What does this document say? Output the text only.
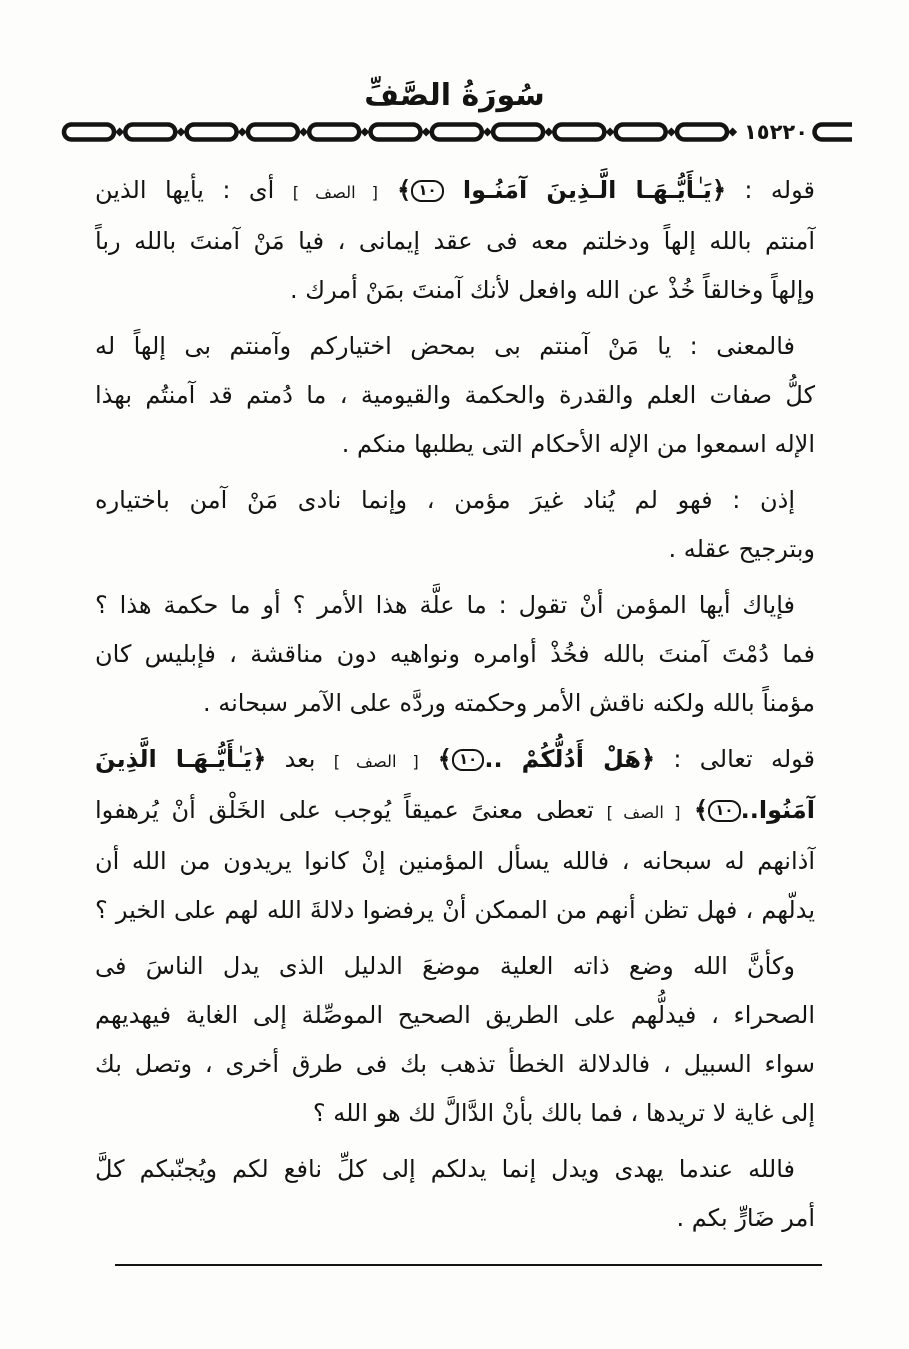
سُورَةُ الصَّفِّ
١٥٢٢٠
قوله : ﴿يَـٰأَيُّـهَـا الَّـذِينَ آمَنُـوا ١٠﴾ [ الصف ] أى : يأيها الذين
آمنتم بالله إلهاً ودخلتم معه فى عقد إيمانى ، فيا مَنْ آمنتَ بالله رباً
وإلهاً وخالقاً خُذْ عن الله وافعل لأنك آمنتَ بمَنْ أمرك .
فالمعنى : يا مَنْ آمنتم بى بمحض اختياركم وآمنتم بى إلهاً له
كلُّ صفات العلم والقدرة والحكمة والقيومية ، ما دُمتم قد آمنتُم بهذا
الإله اسمعوا من الإله الأحكام التى يطلبها منكم .
إذن : فهو لم يُناد غيرَ مؤمن ، وإنما نادى مَنْ آمن باختياره
وبترجيح عقله .
فإياك أيها المؤمن أنْ تقول : ما علَّة هذا الأمر ؟ أو ما حكمة هذا ؟
فما دُمْتَ آمنتَ بالله فخُذْ أوامره ونواهيه دون مناقشة ، فإبليس كان
مؤمناً بالله ولكنه ناقش الأمر وحكمته وردَّه على الآمر سبحانه .
قوله تعالى : ﴿هَلْ أَدُلُّكُمْ ..١٠﴾ [ الصف ] بعد ﴿يَـٰأَيُّـهَـا الَّذِينَ
آمَنُوا..١٠﴾ [ الصف ] تعطى معنىً عميقاً يُوجب على الخَلْق أنْ يُرهفوا
آذانهم له سبحانه ، فالله يسأل المؤمنين إنْ كانوا يريدون من الله أن
يدلّهم ، فهل تظن أنهم من الممكن أنْ يرفضوا دلالةَ الله لهم على الخير ؟
وكأنَّ الله وضع ذاته العلية موضعَ الدليل الذى يدل الناسَ فى
الصحراء ، فيدلُّهم على الطريق الصحيح الموصِّلة إلى الغاية فيهديهم
سواء السبيل ، فالدلالة الخطأ تذهب بك فى طرق أخرى ، وتصل بك
إلى غاية لا تريدها ، فما بالك بأنْ الدَّالَّ لك هو الله ؟
فالله عندما يهدى ويدل إنما يدلكم إلى كلِّ نافع لكم ويُجنّبكم كلَّ
أمر ضَارٍّ بكم .
